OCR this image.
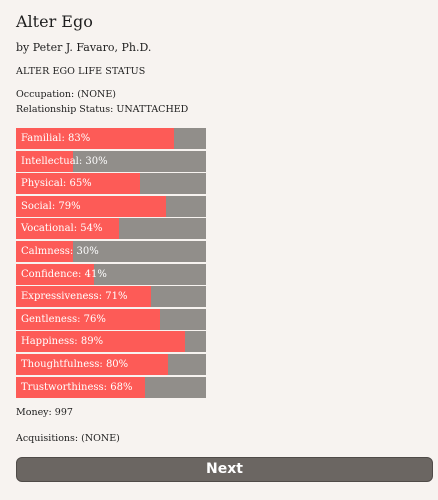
Alter Ego
by Peter J. Favaro, Ph.D.
ALTER EGO LIFE STATUS
Occupation: (NONE)
Relationship Status: UNATTACHED
Familial: 83%
Intellectual: 30%
Physical: 65%
Social: 79%
Vocational: 54%
Calmness: 30%
Confidence: 41%
Expressiveness: 71%
Gentleness: 76%
Happiness: 89%
Thoughtfulness: 80%
Trustworthiness: 68%
Money: 997
Acquisitions: (NONE)
Next
